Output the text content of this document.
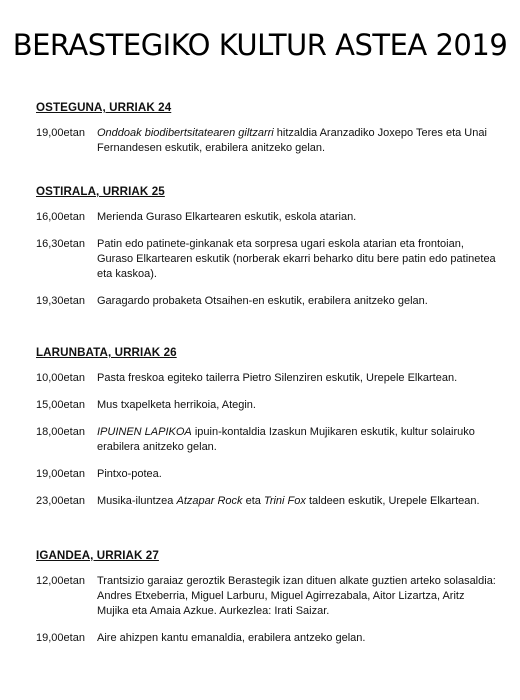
BERASTEGIKO KULTUR ASTEA 2019
OSTEGUNA, URRIAK 24
19,00etan	Onddoak biodibertsitatearen giltzarri hitzaldia Aranzadiko Joxepo Teres eta Unai Fernandesen eskutik, erabilera anitzeko gelan.
OSTIRALA, URRIAK 25
16,00etan	Merienda Guraso Elkartearen eskutik, eskola atarian.
16,30etan	Patin edo patinete-ginkanak eta sorpresa ugari eskola atarian eta frontoian, Guraso Elkartearen eskutik (norberak ekarri beharko ditu bere patin edo patinetea eta kaskoa).
19,30etan	Garagardo probaketa Otsaihen-en eskutik, erabilera anitzeko gelan.
LARUNBATA, URRIAK 26
10,00etan	Pasta freskoa egiteko tailerra Pietro Silenziren eskutik, Urepele Elkartean.
15,00etan	Mus txapelketa herrikoia, Ategin.
18,00etan	IPUINEN LAPIKOA ipuin-kontaldia Izaskun Mujikaren eskutik, kultur solairuko erabilera anitzeko gelan.
19,00etan	Pintxo-potea.
23,00etan	Musika-iluntzea Atzapar Rock eta Trini Fox taldeen eskutik, Urepele Elkartean.
IGANDEA, URRIAK 27
12,00etan	Trantsizio garaiaz geroztik Berastegik izan dituen alkate guztien arteko solasaldia: Andres Etxeberria, Miguel Larburu, Miguel Agirrezabala, Aitor Lizartza, Aritz Mujika eta Amaia Azkue. Aurkezlea: Irati Saizar.
19,00etan	Aire ahizpen kantu emanaldia, erabilera antzeko gelan.
